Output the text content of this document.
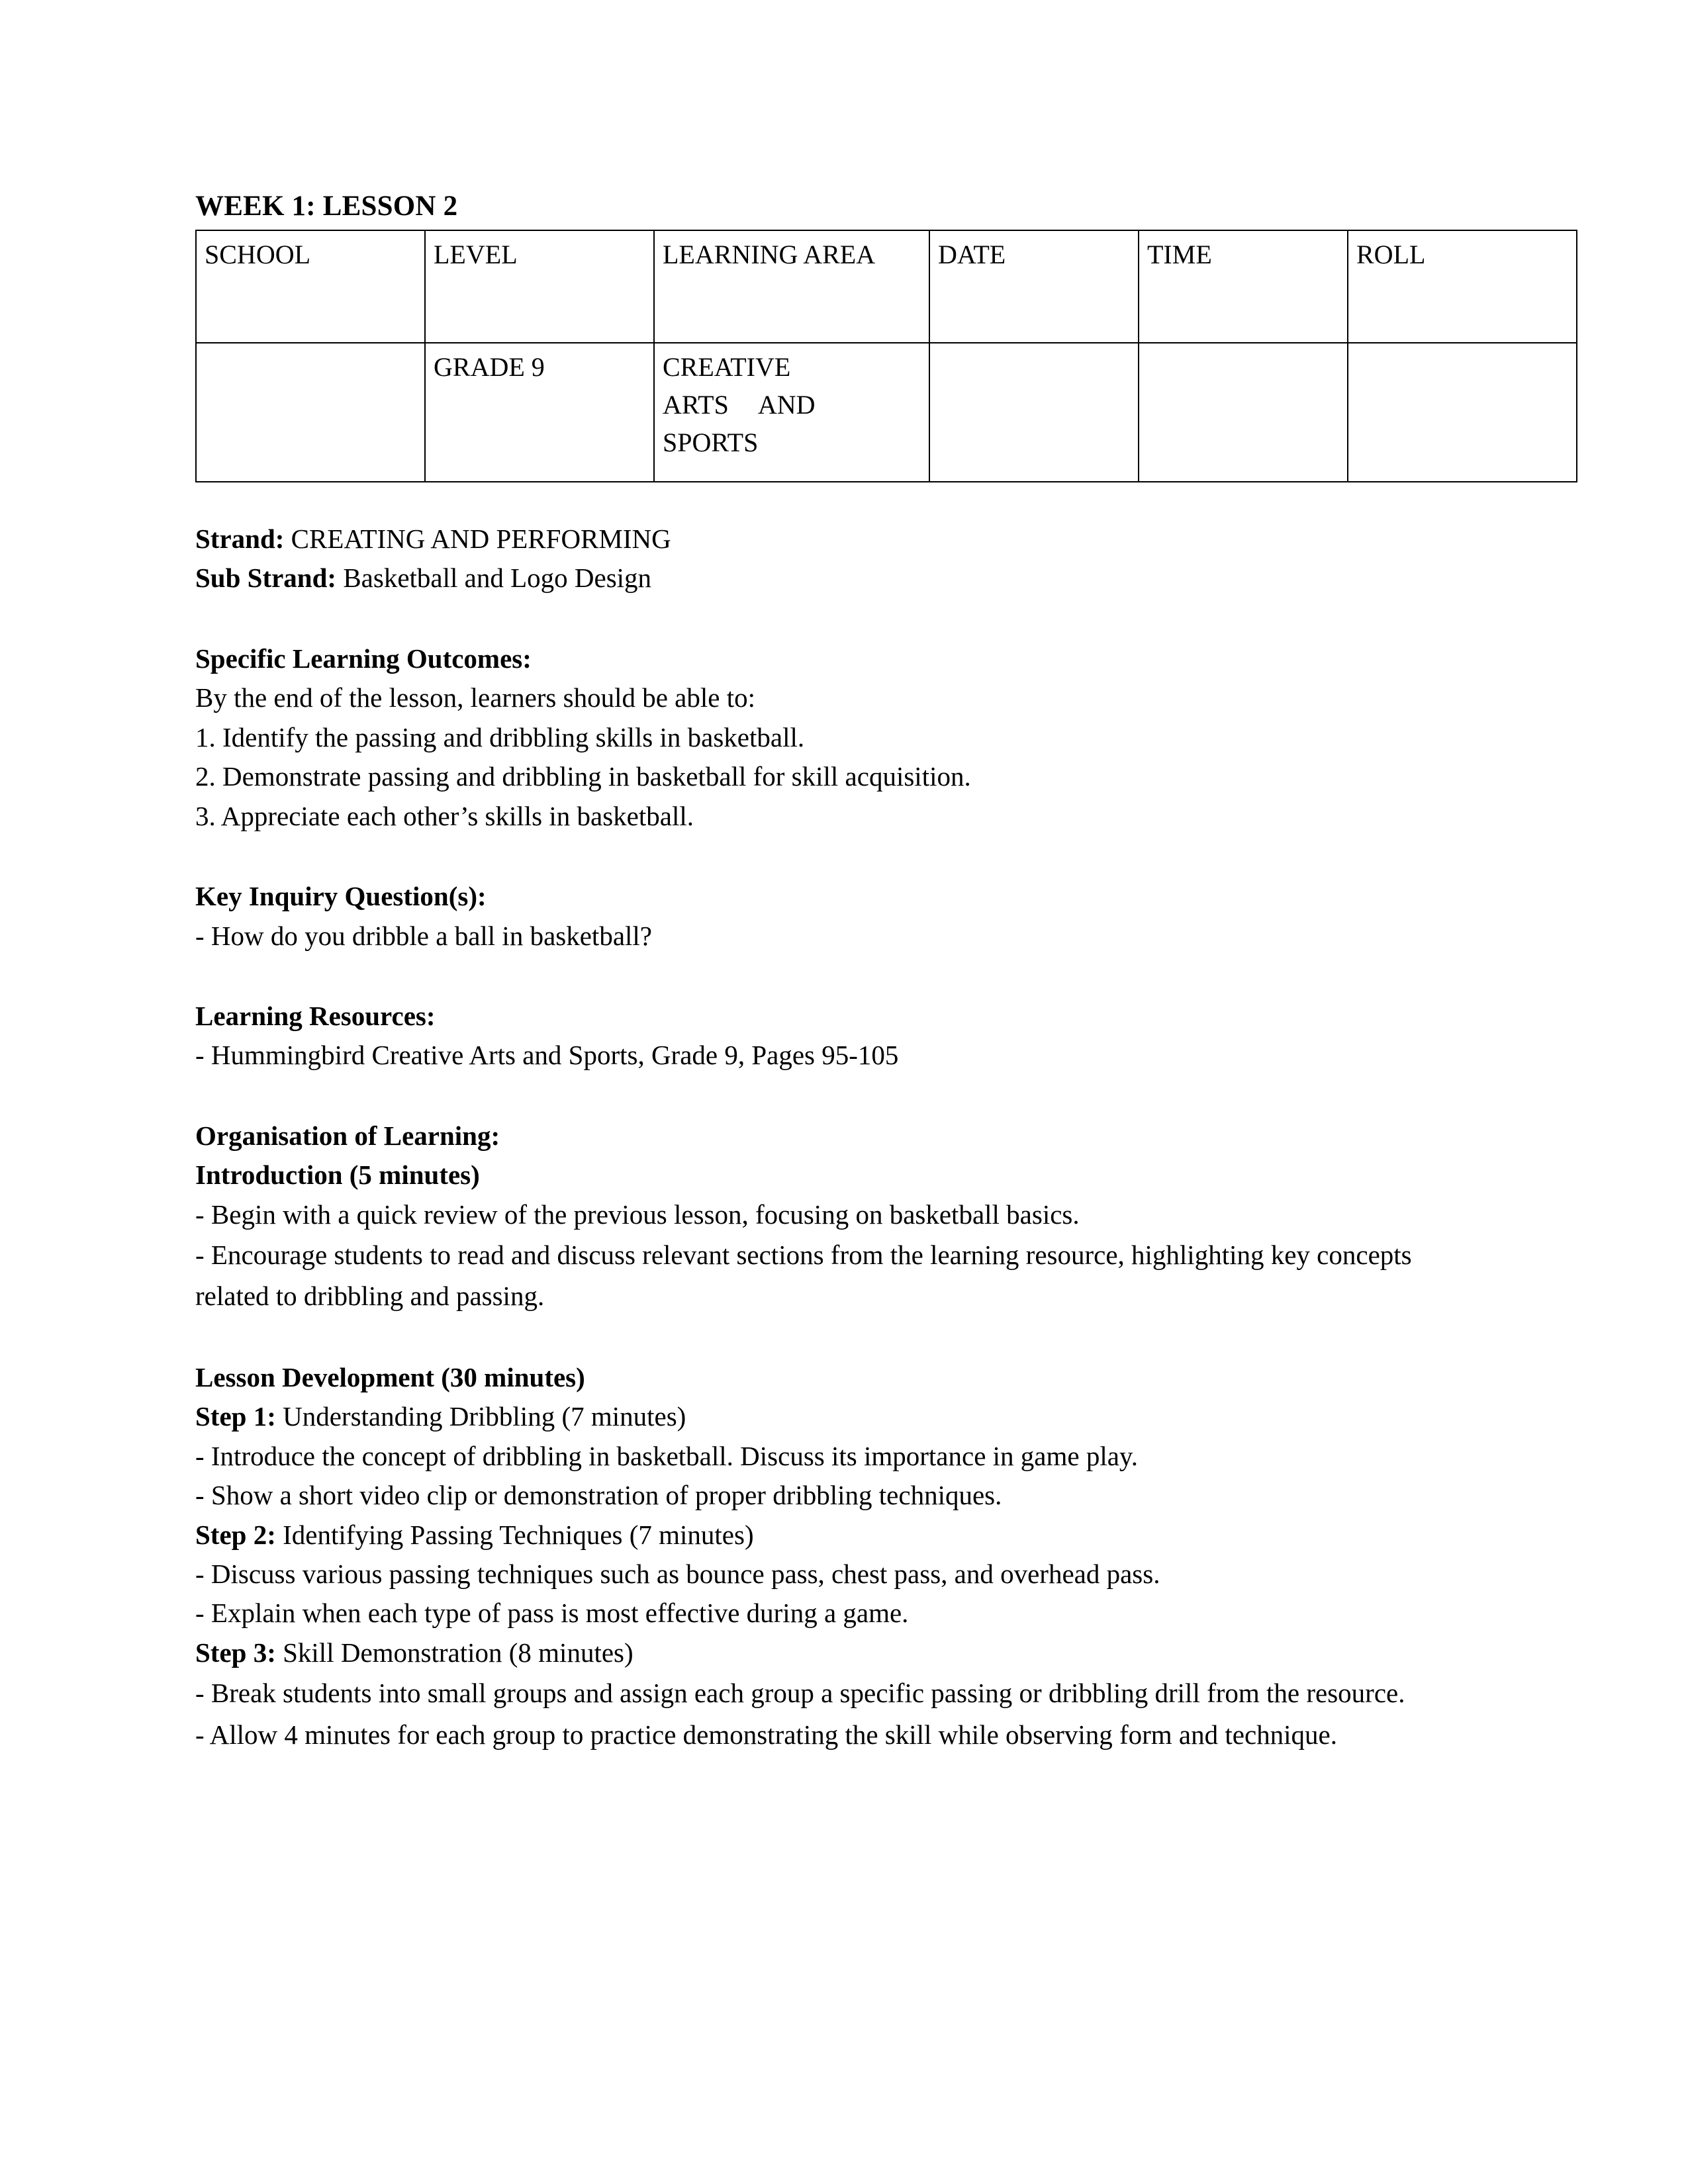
WEEK 1: LESSON 2
SCHOOL	LEVEL	LEARNING AREA	DATE	TIME	ROLL
	GRADE 9	CREATIVE
ARTS AND
SPORTS			

Strand: CREATING AND PERFORMING

Sub Strand: Basketball and Logo Design

Specific Learning Outcomes:

By the end of the lesson, learners should be able to:

1. Identify the passing and dribbling skills in basketball.

2. Demonstrate passing and dribbling in basketball for skill acquisition.

3. Appreciate each other’s skills in basketball.

Key Inquiry Question(s):

- How do you dribble a ball in basketball?

Learning Resources:

- Hummingbird Creative Arts and Sports, Grade 9, Pages 95-105

Organisation of Learning:
Introduction (5 minutes)

- Begin with a quick review of the previous lesson, focusing on basketball basics.

- Encourage students to read and discuss relevant sections from the learning resource, highlighting key concepts related to dribbling and passing.

Lesson Development (30 minutes)

Step 1: Understanding Dribbling (7 minutes)

- Introduce the concept of dribbling in basketball. Discuss its importance in game play.

- Show a short video clip or demonstration of proper dribbling techniques.

Step 2: Identifying Passing Techniques (7 minutes)

- Discuss various passing techniques such as bounce pass, chest pass, and overhead pass.

- Explain when each type of pass is most effective during a game.

Step 3: Skill Demonstration (8 minutes)

- Break students into small groups and assign each group a specific passing or dribbling drill from the resource.

- Allow 4 minutes for each group to practice demonstrating the skill while observing form and technique.
